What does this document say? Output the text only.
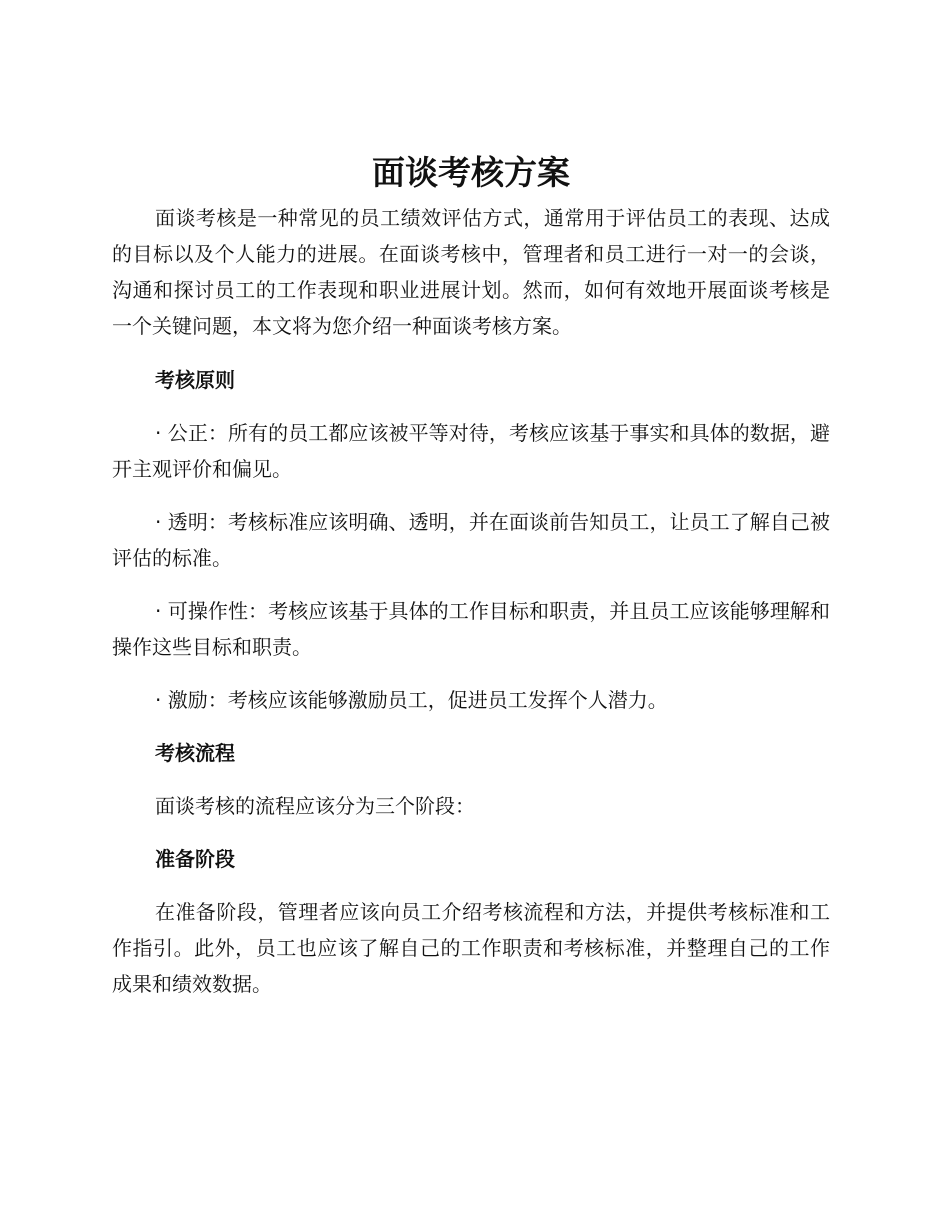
面谈考核方案

面谈考核是一种常见的员工绩效评估方式，通常用于评估员工的表现、达成的目标以及个人能力的进展。在面谈考核中，管理者和员工进行一对一的会谈，沟通和探讨员工的工作表现和职业进展计划。然而，如何有效地开展面谈考核是一个关键问题，本文将为您介绍一种面谈考核方案。

考核原则

· 公正：所有的员工都应该被平等对待，考核应该基于事实和具体的数据，避开主观评价和偏见。

· 透明：考核标准应该明确、透明，并在面谈前告知员工，让员工了解自己被评估的标准。

· 可操作性：考核应该基于具体的工作目标和职责，并且员工应该能够理解和操作这些目标和职责。

· 激励：考核应该能够激励员工，促进员工发挥个人潜力。

考核流程

面谈考核的流程应该分为三个阶段：

准备阶段

在准备阶段，管理者应该向员工介绍考核流程和方法，并提供考核标准和工作指引。此外，员工也应该了解自己的工作职责和考核标准，并整理自己的工作成果和绩效数据。
